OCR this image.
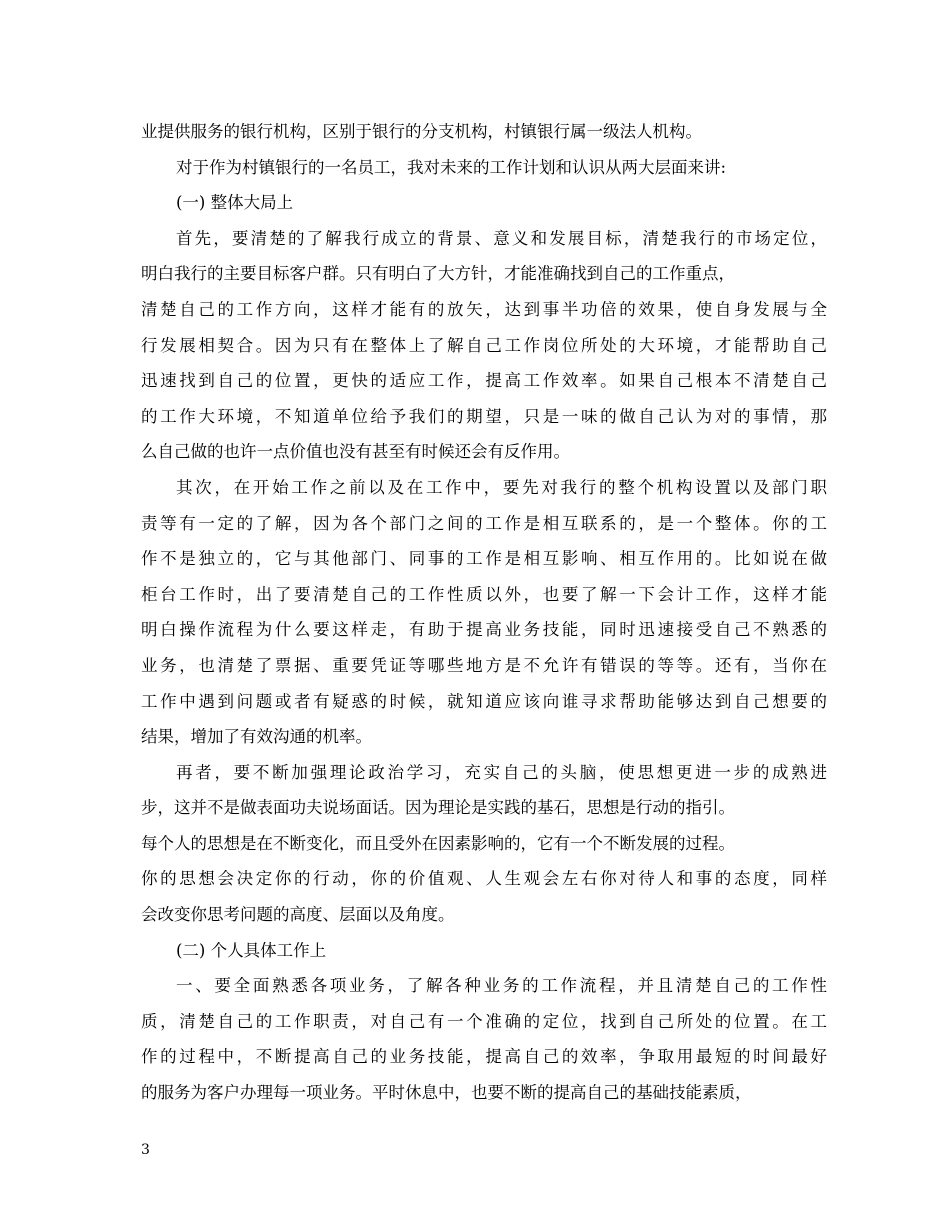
业提供服务的银行机构，区别于银行的分支机构，村镇银行属一级法人机构。
对于作为村镇银行的一名员工，我对未来的工作计划和认识从两大层面来讲:
(一) 整体大局上
首先，要清楚的了解我行成立的背景、意义和发展目标，清楚我行的市场定位，
明白我行的主要目标客户群。只有明白了大方针，才能准确找到自己的工作重点，
清楚自己的工作方向，这样才能有的放矢，达到事半功倍的效果，使自身发展与全
行发展相契合。因为只有在整体上了解自己工作岗位所处的大环境，才能帮助自己
迅速找到自己的位置，更快的适应工作，提高工作效率。如果自己根本不清楚自己
的工作大环境，不知道单位给予我们的期望，只是一味的做自己认为对的事情，那
么自己做的也许一点价值也没有甚至有时候还会有反作用。
其次，在开始工作之前以及在工作中，要先对我行的整个机构设置以及部门职
责等有一定的了解，因为各个部门之间的工作是相互联系的，是一个整体。你的工
作不是独立的，它与其他部门、同事的工作是相互影响、相互作用的。比如说在做
柜台工作时，出了要清楚自己的工作性质以外，也要了解一下会计工作，这样才能
明白操作流程为什么要这样走，有助于提高业务技能，同时迅速接受自己不熟悉的
业务，也清楚了票据、重要凭证等哪些地方是不允许有错误的等等。还有，当你在
工作中遇到问题或者有疑惑的时候，就知道应该向谁寻求帮助能够达到自己想要的
结果，增加了有效沟通的机率。
再者，要不断加强理论政治学习，充实自己的头脑，使思想更进一步的成熟进
步，这并不是做表面功夫说场面话。因为理论是实践的基石，思想是行动的指引。
每个人的思想是在不断变化，而且受外在因素影响的，它有一个不断发展的过程。
你的思想会决定你的行动，你的价值观、人生观会左右你对待人和事的态度，同样
会改变你思考问题的高度、层面以及角度。
(二) 个人具体工作上
一、要全面熟悉各项业务，了解各种业务的工作流程，并且清楚自己的工作性
质，清楚自己的工作职责，对自己有一个准确的定位，找到自己所处的位置。在工
作的过程中，不断提高自己的业务技能，提高自己的效率，争取用最短的时间最好
的服务为客户办理每一项业务。平时休息中，也要不断的提高自己的基础技能素质，
3
